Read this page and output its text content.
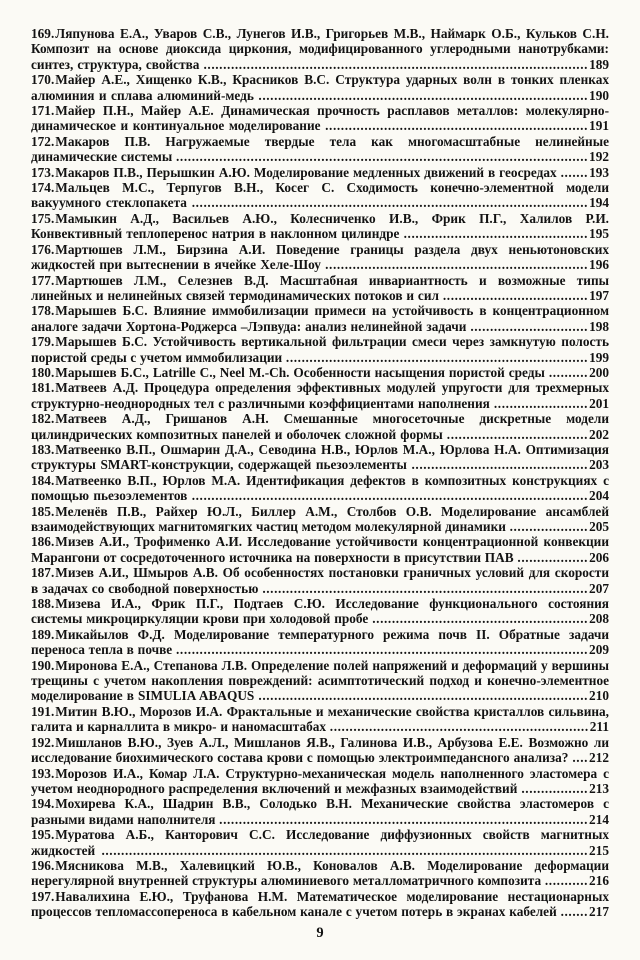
169.Ляпунова Е.А., Уваров С.В., Лунегов И.В., Григорьев М.В., Наймарк О.Б., Кульков С.Н. Композит на основе диоксида циркония, модифицированного углеродными нанотрубками: синтез, структура, свойства ..................................................................................................189
170.Майер А.Е., Хищенко К.В., Красников В.С. Структура ударных волн в тонких пленках алюминия и сплава алюминий-медь ....................................................................................190
171.Майер П.Н., Майер А.Е. Динамическая прочность расплавов металлов: молекулярно-динамическое и континуальное моделирование ...................................................................191
172.Макаров П.В. Нагружаемые твердые тела как многомасштабные нелинейные динамические системы .........................................................................................................192
173.Макаров П.В., Перышкин А.Ю. Моделирование медленных движений в геосредах .......193
174.Мальцев М.С., Терпугов В.Н., Косег С. Сходимость конечно-элементной модели вакуумного стеклопакета .....................................................................................................194
175.Мамыкин А.Д., Васильев А.Ю., Колесниченко И.В., Фрик П.Г., Халилов Р.И. Конвективный теплоперенос натрия в наклонном цилиндре ...............................................195
176.Мартюшев Л.М., Бирзина А.И. Поведение границы раздела двух неньютоновских жидкостей при вытеснении в ячейке Хеле-Шоу ...................................................................196
177.Мартюшев Л.М., Селезнев В.Д. Масштабная инвариантность и возможные типы линейных и нелинейных связей термодинамических потоков и сил .....................................197
178.Марышев Б.С. Влияние иммобилизации примеси на устойчивость в концентрационном аналоге задачи Хортона-Роджерса –Лэпвуда: анализ нелинейной задачи ..............................198
179.Марышев Б.С. Устойчивость вертикальной фильтрации смеси через замкнутую полость пористой среды с учетом иммобилизации .............................................................................199
180.Марышев Б.С., Latrille C., Neel M.-Ch. Особенности насыщения пористой среды ..........200
181.Матвеев А.Д. Процедура определения эффективных модулей упругости для трехмерных структурно-неоднородных тел с различными коэффициентами наполнения ........................201
182.Матвеев А.Д., Гришанов А.Н. Смешанные многосеточные дискретные модели цилиндрических композитных панелей и оболочек сложной формы ....................................202
183.Матвеенко В.П., Ошмарин Д.А., Севодина Н.В., Юрлов М.А., Юрлова Н.А. Оптимизация структуры SMART-конструкции, содержащей пьезоэлементы .............................................203
184.Матвеенко В.П., Юрлов М.А. Идентификация дефектов в композитных конструкциях с помощью пьезоэлементов .....................................................................................................204
185.Меленёв П.В., Райхер Ю.Л., Биллер А.М., Столбов О.В. Моделирование ансамблей взаимодействующих магнитомягких частиц методом молекулярной динамики ....................205
186.Мизев А.И., Трофименко А.И. Исследование устойчивости концентрационной конвекции Марангони от сосредоточенного источника на поверхности в присутствии ПАВ ..................206
187.Мизев А.И., Шмыров А.В. Об особенностях постановки граничных условий для скорости в задачах со свободной поверхностью ...................................................................................207
188.Мизева И.А., Фрик П.Г., Подтаев С.Ю. Исследование функционального состояния системы микроциркуляции крови при холодовой пробе .......................................................208
189.Микайылов Ф.Д. Моделирование температурного режима почв II. Обратные задачи переноса тепла в почве .........................................................................................................209
190.Миронова Е.А., Степанова Л.В. Определение полей напряжений и деформаций у вершины трещины с учетом накопления повреждений: асимптотический подход и конечно-элементное моделирование в SIMULIA ABAQUS ....................................................................................210
191.Митин В.Ю., Морозов И.А. Фрактальные и механические свойства кристаллов сильвина, галита и карналлита в микро- и наномасштабах ..................................................................211
192.Мишланов В.Ю., Зуев А.Л., Мишланов Я.В., Галинова И.В., Арбузова Е.Е. Возможно ли исследование биохимического состава крови с помощью электроимпедансного анализа? ....212
193.Морозов И.А., Комар Л.А. Структурно-механическая модель наполненного эластомера с учетом неоднородного распределения включений и межфазных взаимодействий .................213
194.Мохирева К.А., Шадрин В.В., Солодько В.Н. Механические свойства эластомеров с разными видами наполнителя ..............................................................................................214
195.Муратова А.Б., Канторович С.С. Исследование диффузионных свойств магнитных жидкостей ............................................................................................................................215
196.Мясникова М.В., Халевицкий Ю.В., Коновалов А.В. Моделирование деформации нерегулярной внутренней структуры алюминиевого металломатричного композита ...........216
197.Навалихина Е.Ю., Труфанова Н.М. Математическое моделирование нестационарных процессов тепломассопереноса в кабельном канале с учетом потерь в экранах кабелей .......217
9
